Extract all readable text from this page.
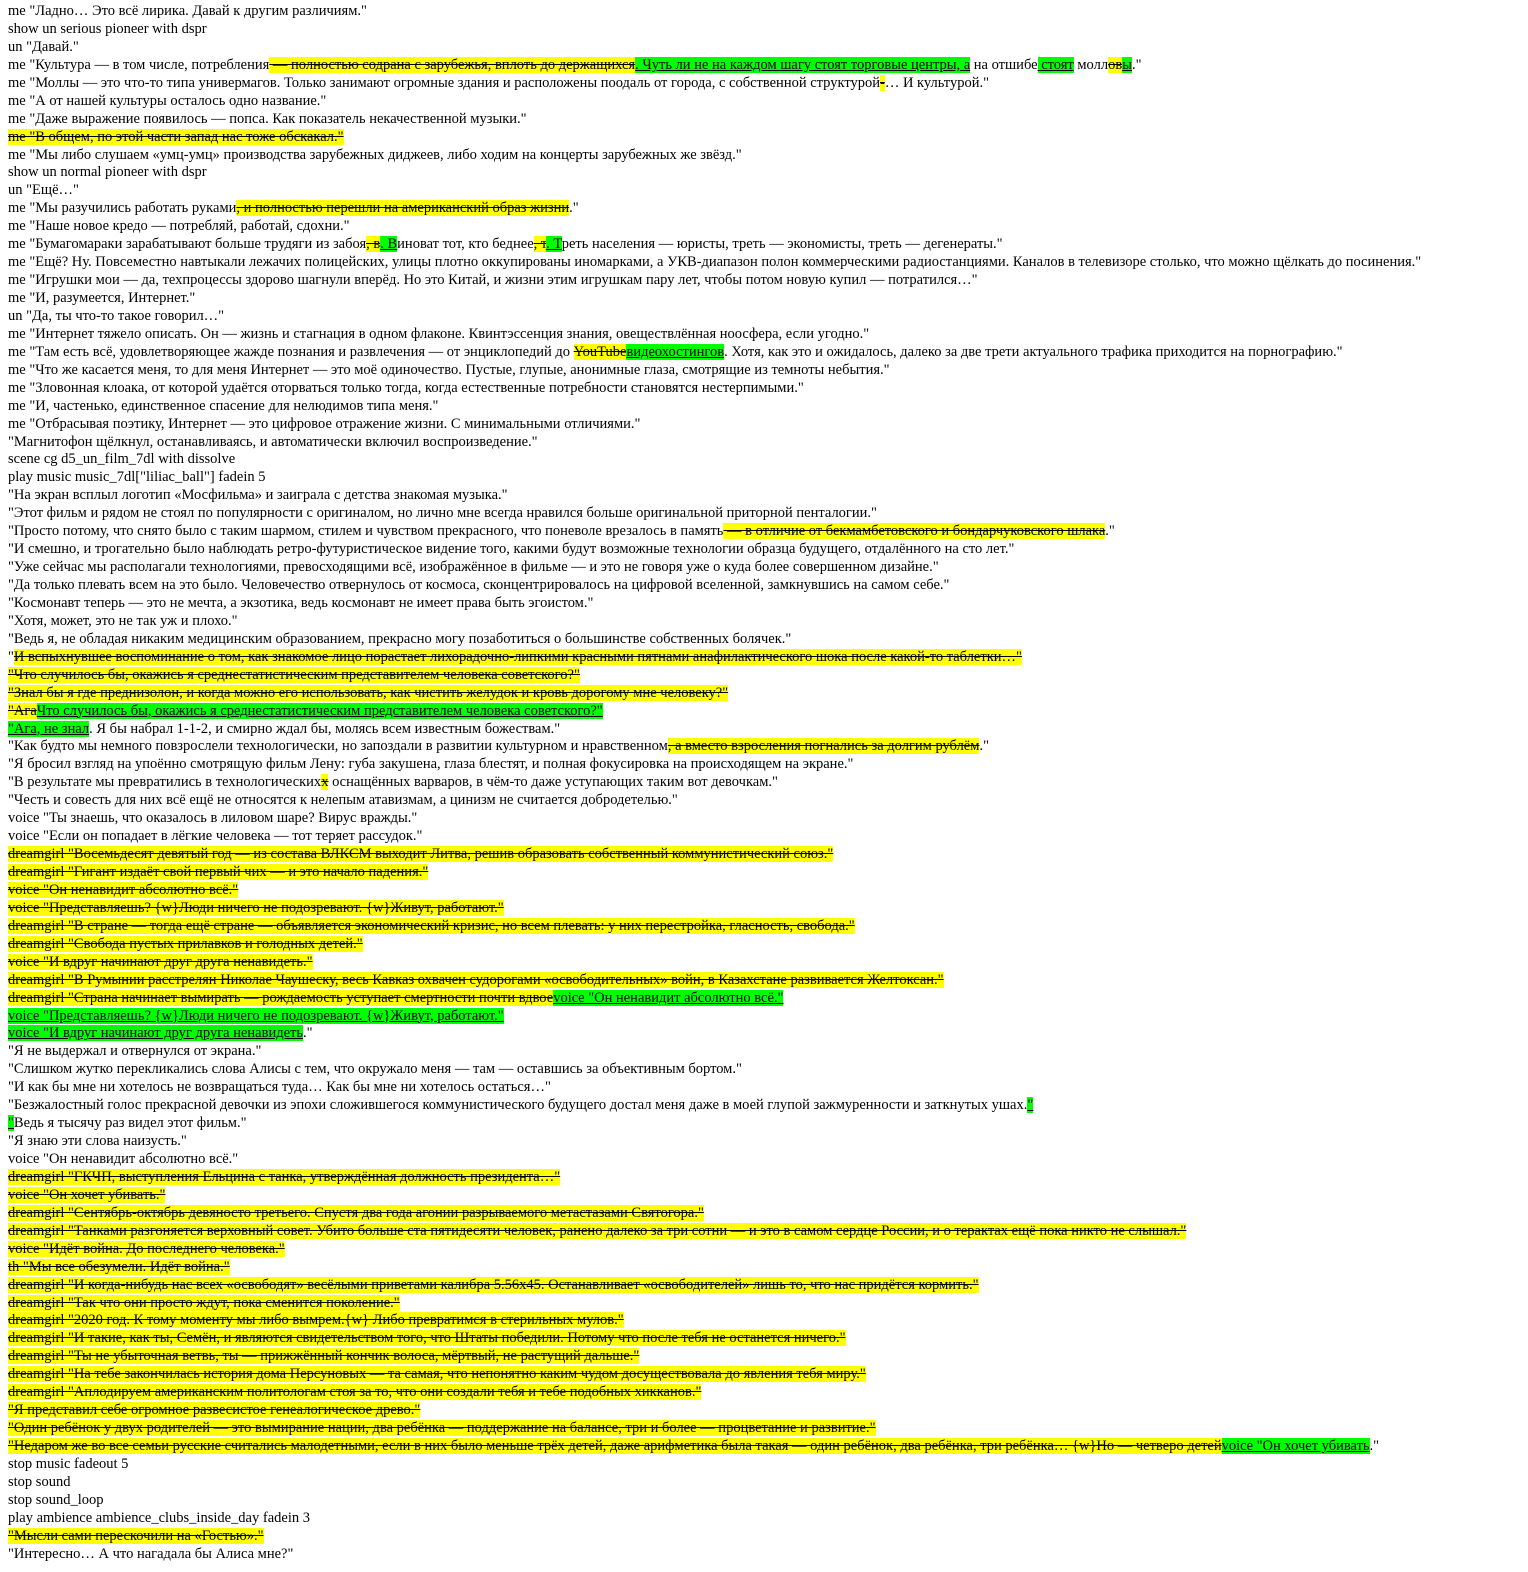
me "Ладно… Это всё лирика. Давай к другим различиям."
show un serious pioneer with dspr
un "Давай."
me "Культура — в том числе, потребления — полностью содрана с зарубежья, вплоть до держащихся. Чуть ли не на каждом шагу стоят торговые центры, а на отшибе стоят молловы."
me "Моллы — это что-то типа универмагов. Только занимают огромные здания и расположены поодаль от города, с собственной структурой-… И культурой."
me "А от нашей культуры осталось одно название."
me "Даже выражение появилось — попса. Как показатель некачественной музыки."
me "В общем, по этой части запад нас тоже обскакал."
me "Мы либо слушаем «умц-умц» производства зарубежных диджеев, либо ходим на концерты зарубежных же звёзд."
show un normal pioneer with dspr
un "Ещё…"
me "Мы разучились работать руками, и полностью перешли на американский образ жизни."
me "Наше новое кредо — потребляй, работай, сдохни."
me "Бумагомараки зарабатывают больше трудяги из забоя, в. Виноват тот, кто беднее, т. Треть населения — юристы, треть — экономисты, треть — дегенераты."
me "Ещё? Ну. Повсеместно навтыкали лежачих полицейских, улицы плотно оккупированы иномарками, а УКВ-диапазон полон коммерческими радиостанциями. Каналов в телевизоре столько, что можно щёлкать до посинения."
me "Игрушки мои — да, техпроцессы здорово шагнули вперёд. Но это Китай, и жизни этим игрушкам пару лет, чтобы потом новую купил — потратился…"
me "И, разумеется, Интернет."
un "Да, ты что-то такое говорил…"
me "Интернет тяжело описать. Он — жизнь и стагнация в одном флаконе. Квинтэссенция знания, овеществлённая ноосфера, если угодно."
me "Там есть всё, удовлетворяющее жажде познания и развлечения — от энциклопедий до YouTubeвидеохостингов. Хотя, как это и ожидалось, далеко за две трети актуального трафика приходится на порнографию."
me "Что же касается меня, то для меня Интернет — это моё одиночество. Пустые, глупые, анонимные глаза, смотрящие из темноты небытия."
me "Зловонная клоака, от которой удаётся оторваться только тогда, когда естественные потребности становятся нестерпимыми."
me "И, частенько, единственное спасение для нелюдимов типа меня."
me "Отбрасывая поэтику, Интернет — это цифровое отражение жизни. С минимальными отличиями."
"Магнитофон щёлкнул, останавливаясь, и автоматически включил воспроизведение."
scene cg d5_un_film_7dl with dissolve
play music music_7dl["liliac_ball"] fadein 5
"На экран всплыл логотип «Мосфильма» и заиграла с детства знакомая музыка."
"Этот фильм и рядом не стоял по популярности с оригиналом, но лично мне всегда нравился больше оригинальной приторной пенталогии."
"Просто потому, что снято было с таким шармом, стилем и чувством прекрасного, что поневоле врезалось в память — в отличие от бекмамбетовского и бондарчуковского шлака."
"И смешно, и трогательно было наблюдать ретро-футуристическое видение того, какими будут возможные технологии образца будущего, отдалённого на сто лет."
"Уже сейчас мы располагали технологиями, превосходящими всё, изображённое в фильме — и это не говоря уже о куда более совершенном дизайне."
"Да только плевать всем на это было. Человечество отвернулось от космоса, сконцентрировалось на цифровой вселенной, замкнувшись на самом себе."
"Космонавт теперь — это не мечта, а экзотика, ведь космонавт не имеет права быть эгоистом."
"Хотя, может, это не так уж и плохо."
"Ведь я, не обладая никаким медицинским образованием, прекрасно могу позаботиться о большинстве собственных болячек."
"И вспыхнувшее воспоминание о том, как знакомое лицо порастает лихорадочно-липкими красными пятнами анафилактического шока после какой-то таблетки…"
"Что случилось бы, окажись я среднестатистическим представителем человека советского?"
"Знал бы я где преднизолон, и когда можно его использовать, как чистить желудок и кровь дорогому мне человеку?"
"АгаЧто случилось бы, окажись я среднестатистическим представителем человека советского?"
"Ага, не знал. Я бы набрал 1-1-2, и смирно ждал бы, молясь всем известным божествам."
"Как будто мы немного повзрослели технологически, но запоздали в развитии культурном и нравственном, а вместо взросления погнались за долгим рублём."
"Я бросил взгляд на упоённо смотрящую фильм Лену: губа закушена, глаза блестят, и полная фокусировка на происходящем на экране."
"В результате мы превратились в технологическихх оснащённых варваров, в чём-то даже уступающих таким вот девочкам."
"Честь и совесть для них всё ещё не относятся к нелепым атавизмам, а цинизм не считается добродетелью."
voice "Ты знаешь, что оказалось в лиловом шаре? Вирус вражды."
voice "Если он попадает в лёгкие человека — тот теряет рассудок."
dreamgirl "Восемьдесят девятый год — из состава ВЛКСМ выходит Литва, решив образовать собственный коммунистический союз."
dreamgirl "Гигант издаёт свой первый чих — и это начало падения."
voice "Он ненавидит абсолютно всё."
voice "Представляешь? {w}Люди ничего не подозревают. {w}Живут, работают."
dreamgirl "В стране — тогда ещё стране — объявляется экономический кризис, но всем плевать: у них перестройка, гласность, свобода."
dreamgirl "Свобода пустых прилавков и голодных детей."
voice "И вдруг начинают друг друга ненавидеть."
dreamgirl "В Румынии расстрелян Николае Чаушеску, весь Кавказ охвачен судорогами «освободительных» войн, в Казахстане развивается Желтоксан."
dreamgirl "Страна начинает вымирать — рождаемость уступает смертности почти вдвоеvoice "Он ненавидит абсолютно всё."
voice "Представляешь? {w}Люди ничего не подозревают. {w}Живут, работают."
voice "И вдруг начинают друг друга ненавидеть."
"Я не выдержал и отвернулся от экрана."
"Слишком жутко перекликались слова Алисы с тем, что окружало меня — там — оставшись за объективным бортом."
"И как бы мне ни хотелось не возвращаться туда… Как бы мне ни хотелось остаться…"
"Безжалостный голос прекрасной девочки из эпохи сложившегося коммунистического будущего достал меня даже в моей глупой зажмуренности и заткнутых ушах."
"Ведь я тысячу раз видел этот фильм."
"Я знаю эти слова наизусть."
voice "Он ненавидит абсолютно всё."
dreamgirl "ГКЧП, выступления Ельцина с танка, утверждённая должность президента…"
voice "Он хочет убивать."
dreamgirl "Сентябрь-октябрь девяносто третьего. Спустя два года агонии разрываемого метастазами Святогора."
dreamgirl "Танками разгоняется верховный совет. Убито больше ста пятидесяти человек, ранено далеко за три сотни — и это в самом сердце России, и о терактах ещё пока никто не слышал."
voice "Идёт война. До последнего человека."
th "Мы все обезумели. Идёт война."
dreamgirl "И когда-нибудь нас всех «освободят» весёлыми приветами калибра 5.56х45. Останавливает «освободителей» лишь то, что нас придётся кормить."
dreamgirl "Так что они просто ждут, пока сменится поколение."
dreamgirl "2020 год. К тому моменту мы либо вымрем.{w} Либо превратимся в стерильных мулов."
dreamgirl "И такие, как ты, Семён, и являются свидетельством того, что Штаты победили. Потому что после тебя не останется ничего."
dreamgirl "Ты не убыточная ветвь, ты — прижжённый кончик волоса, мёртвый, не растущий дальше."
dreamgirl "На тебе закончилась история дома Персуновых — та самая, что непонятно каким чудом досуществовала до явления тебя миру."
dreamgirl "Аплодируем американским политологам стоя за то, что они создали тебя и тебе подобных хикканов."
"Я представил себе огромное развесистое генеалогическое древо."
"Один ребёнок у двух родителей — это вымирание нации, два ребёнка — поддержание на балансе, три и более — процветание и развитие."
"Недаром же во все семьи русские считались малодетными, если в них было меньше трёх детей, даже арифметика была такая — один ребёнок, два ребёнка, три ребёнка… {w}Но — четверо детейvoice "Он хочет убивать."
stop music fadeout 5
stop sound
stop sound_loop
play ambience ambience_clubs_inside_day fadein 3
"Мысли сами перескочили на «Гостью»."
"Интересно… А что нагадала бы Алиса мне?"
